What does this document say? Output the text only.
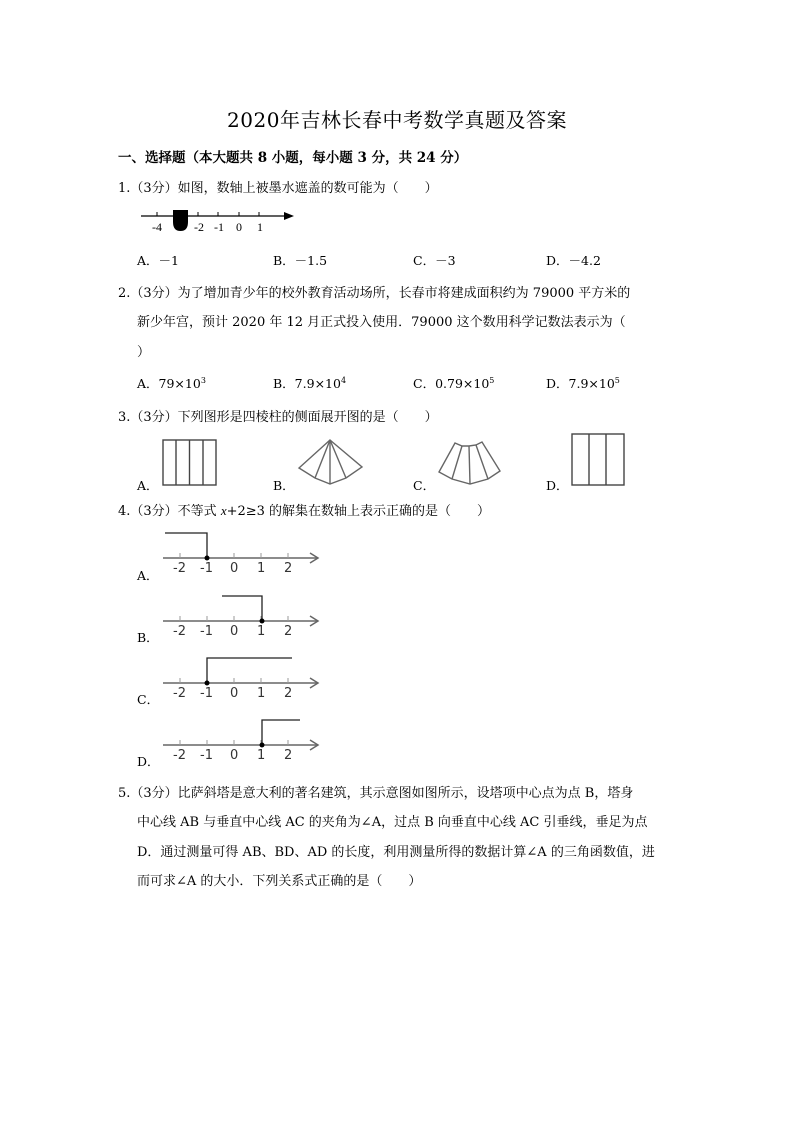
2020年吉林长春中考数学真题及答案
一、选择题（本大题共 8 小题，每小题 3 分，共 24 分）
1.（3分）如图，数轴上被墨水遮盖的数可能为（　　）
-4	-2 -1 0 1
A．－1	B．－1.5	C．－3	D．－4.2
2.（3分）为了增加青少年的校外教育活动场所，长春市将建成面积约为 79000 平方米的
新少年宫，预计 2020 年 12 月正式投入使用．79000 这个数用科学记数法表示为（
）
A．$79\times 10^3$	B．$7.9\times 10^4$	C．$0.79\times 10^5$	D．$7.9\times 10^5$
3.（3分）下列图形是四棱柱的侧面展开图的是（　　）
A．	B．	C．	D．
4.（3分）不等式 x+2≥3 的解集在数轴上表示正确的是（　　）
-2 -1 0 1 2
-2 -1 0 1 2
-2 -1 0 1 2
-2 -1 0 1 2
A．
B．
C．
D．
5.（3分）比萨斜塔是意大利的著名建筑，其示意图如图所示，设塔项中心点为点 B，塔身
中心线 AB 与垂直中心线 AC 的夹角为∠A，过点 B 向垂直中心线 AC 引垂线，垂足为点
D．通过测量可得 AB、BD、AD 的长度，利用测量所得的数据计算∠A 的三角函数值，进
而可求∠A 的大小．下列关系式正确的是（　　）
